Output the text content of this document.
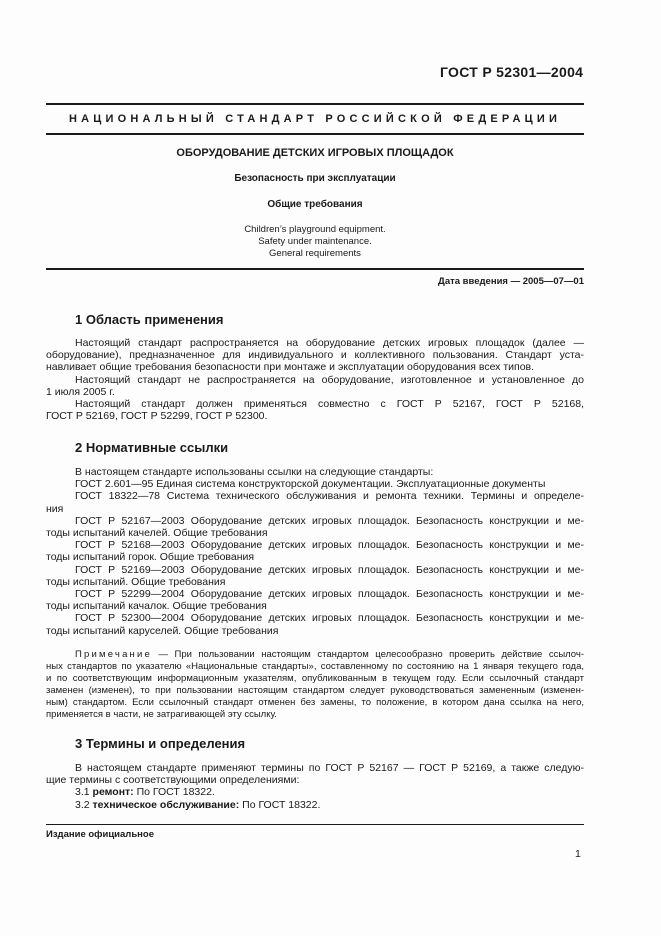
ГОСТ Р 52301—2004
НАЦИОНАЛЬНЫЙ СТАНДАРТ РОССИЙСКОЙ ФЕДЕРАЦИИ
ОБОРУДОВАНИЕ ДЕТСКИХ ИГРОВЫХ ПЛОЩАДОК
Безопасность при эксплуатации
Общие требования
Children’s playground equipment.
Safety under maintenance.
General requirements
Дата введения — 2005—07—01
1 Область применения

Настоящий стандарт распространяется на оборудование детских игровых площадок (далее —

оборудование), предназначенное для индивидуального и коллективного пользования. Стандарт уста-

навливает общие требования безопасности при монтаже и эксплуатации оборудования всех типов.

Настоящий стандарт не распространяется на оборудование, изготовленное и установленное до

1 июля 2005 г.

Настоящий стандарт должен применяться совместно с ГОСТ Р 52167, ГОСТ Р 52168,

ГОСТ Р 52169, ГОСТ Р 52299, ГОСТ Р 52300.

2 Нормативные ссылки

В настоящем стандарте использованы ссылки на следующие стандарты:

ГОСТ 2.601—95 Единая система конструкторской документации. Эксплуатационные документы

ГОСТ 18322—78 Система технического обслуживания и ремонта техники. Термины и определе-

ния

ГОСТ Р 52167—2003 Оборудование детских игровых площадок. Безопасность конструкции и ме-

тоды испытаний качелей. Общие требования

ГОСТ Р 52168—2003 Оборудование детских игровых площадок. Безопасность конструкции и ме-

тоды испытаний горок. Общие требования

ГОСТ Р 52169—2003 Оборудование детских игровых площадок. Безопасность конструкции и ме-

тоды испытаний. Общие требования

ГОСТ Р 52299—2004 Оборудование детских игровых площадок. Безопасность конструкции и ме-

тоды испытаний качалок. Общие требования

ГОСТ Р 52300—2004 Оборудование детских игровых площадок. Безопасность конструкции и ме-

тоды испытаний каруселей. Общие требования

Примечание — При пользовании настоящим стандартом целесообразно проверить действие ссылоч-

ных стандартов по указателю «Национальные стандарты», составленному по состоянию на 1 января текущего года,

и по соответствующим информационным указателям, опубликованным в текущем году. Если ссылочный стандарт

заменен (изменен), то при пользовании настоящим стандартом следует руководствоваться замененным (изменен-

ным) стандартом. Если ссылочный стандарт отменен без замены, то положение, в котором дана ссылка на него,

применяется в части, не затрагивающей эту ссылку.

3 Термины и определения

В настоящем стандарте применяют термины по ГОСТ Р 52167 — ГОСТ Р 52169, а также следую-

щие термины с соответствующими определениями:

3.1 ремонт: По ГОСТ 18322.

3.2 техническое обслуживание: По ГОСТ 18322.

Издание официальное
1
